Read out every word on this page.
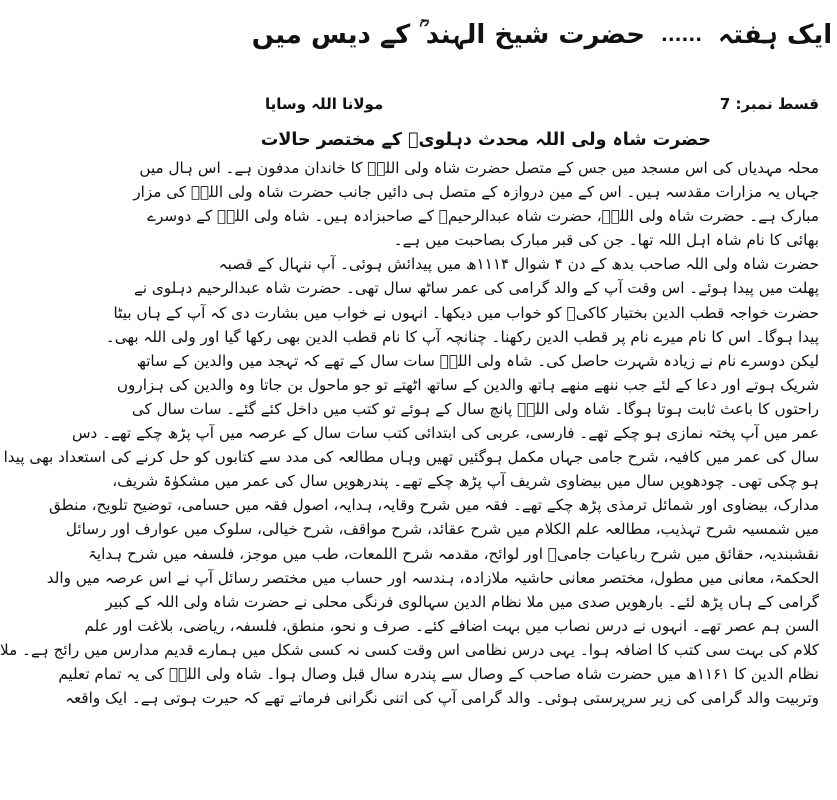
ایک ہفتہ
......
حضرت شیخ الہند ؒ کے دیس میں
قسط نمبر: 7
مولانا اللہ وسایا
حضرت شاہ ولی اللہ محدث دہلویؒ کے مختصر حالات
محلہ مہدیاں کی اس مسجد میں جس کے متصل حضرت شاہ ولی اللہؒ کا خاندان مدفون ہے۔ اس ہال میں
جہاں یہ مزارات مقدسہ ہیں۔ اس کے مین دروازہ کے متصل ہی دائیں جانب حضرت شاہ ولی اللہؒ کی مزار
مبارک ہے۔ حضرت شاہ ولی اللہؒ، حضرت شاہ عبدالرحیمؒ کے صاحبزادہ ہیں۔ شاہ ولی اللہؒ کے دوسرے
بھائی کا نام شاہ اہل اللہ تھا۔ جن کی قبر مبارک بصاحبت میں ہے۔
حضرت شاہ ولی اللہ صاحب بدھ کے دن ۴ شوال ۱۱۱۴ھ میں پیدائش ہوئی۔ آپ ننہال کے قصبہ
پھلت میں پیدا ہوئے۔ اس وقت آپ کے والد گرامی کی عمر ساٹھ سال تھی۔ حضرت شاہ عبدالرحیم دہلوی نے
حضرت خواجہ قطب الدین بختیار کاکیؒ کو خواب میں دیکھا۔ انہوں نے خواب میں بشارت دی کہ آپ کے ہاں بیٹا
پیدا ہوگا۔ اس کا نام میرے نام پر قطب الدین رکھنا۔ چنانچہ آپ کا نام قطب الدین بھی رکھا گیا اور ولی اللہ بھی۔
لیکن دوسرے نام نے زیادہ شہرت حاصل کی۔ شاہ ولی اللہؒ سات سال کے تھے کہ تہجد میں والدین کے ساتھ
شریک ہوتے اور دعا کے لئے جب ننھے منھے ہاتھ والدین کے ساتھ اٹھتے تو جو ماحول بن جاتا وہ والدین کی ہزاروں
راحتوں کا باعث ثابت ہوتا ہوگا۔ شاہ ولی اللہؒ پانچ سال کے ہوئے تو کتب میں داخل کئے گئے۔ سات سال کی
عمر میں آپ پختہ نمازی ہو چکے تھے۔ فارسی، عربی کی ابتدائی کتب سات سال کے عرصہ میں آپ پڑھ چکے تھے۔ دس
سال کی عمر میں کافیہ، شرح جامی جہاں مکمل ہوگئیں تھیں وہاں مطالعہ کی مدد سے کتابوں کو حل کرنے کی استعداد بھی پیدا
ہو چکی تھی۔ چودھویں سال میں بیضاوی شریف آپ پڑھ چکے تھے۔ پندرھویں سال کی عمر میں مشکوٰۃ شریف،
مدارک، بیضاوی اور شمائل ترمذی پڑھ چکے تھے۔ فقہ میں شرح وقایہ، ہدایہ، اصول فقہ میں حسامی، توضیح تلویح، منطق
میں شمسیہ شرح تہذیب، مطالعہ علم الکلام میں شرح عقائد، شرح مواقف، شرح خیالی، سلوک میں عوارف اور رسائل
نقشبندیہ، حقائق میں شرح رباعیات جامیؒ اور لوائح، مقدمہ شرح اللمعات، طب میں موجز، فلسفہ میں شرح ہدایۃ
الحکمۃ، معانی میں مطول، مختصر معانی حاشیہ ملازادہ، ہندسہ اور حساب میں مختصر رسائل آپ نے اس عرصہ میں والد
گرامی کے ہاں پڑھ لئے۔ بارھویں صدی میں ملا نظام الدین سہالوی فرنگی محلی نے حضرت شاہ ولی اللہ کے کبیر
السن ہم عصر تھے۔ انہوں نے درس نصاب میں بہت اضافے کئے۔ صرف و نحو، منطق، فلسفہ، ریاضی، بلاغت اور علم
کلام کی بہت سی کتب کا اضافہ ہوا۔ یہی درس نظامی اس وقت کسی نہ کسی شکل میں ہمارے قدیم مدارس میں رائج ہے۔ ملا
نظام الدین کا ۱۱۶۱ھ میں حضرت شاہ صاحب کے وصال سے پندرہ سال قبل وصال ہوا۔ شاہ ولی اللہؒ کی یہ تمام تعلیم
وتربیت والد گرامی کی زیر سرپرستی ہوئی۔ والد گرامی آپ کی اتنی نگرانی فرماتے تھے کہ حیرت ہوتی ہے۔ ایک واقعہ
